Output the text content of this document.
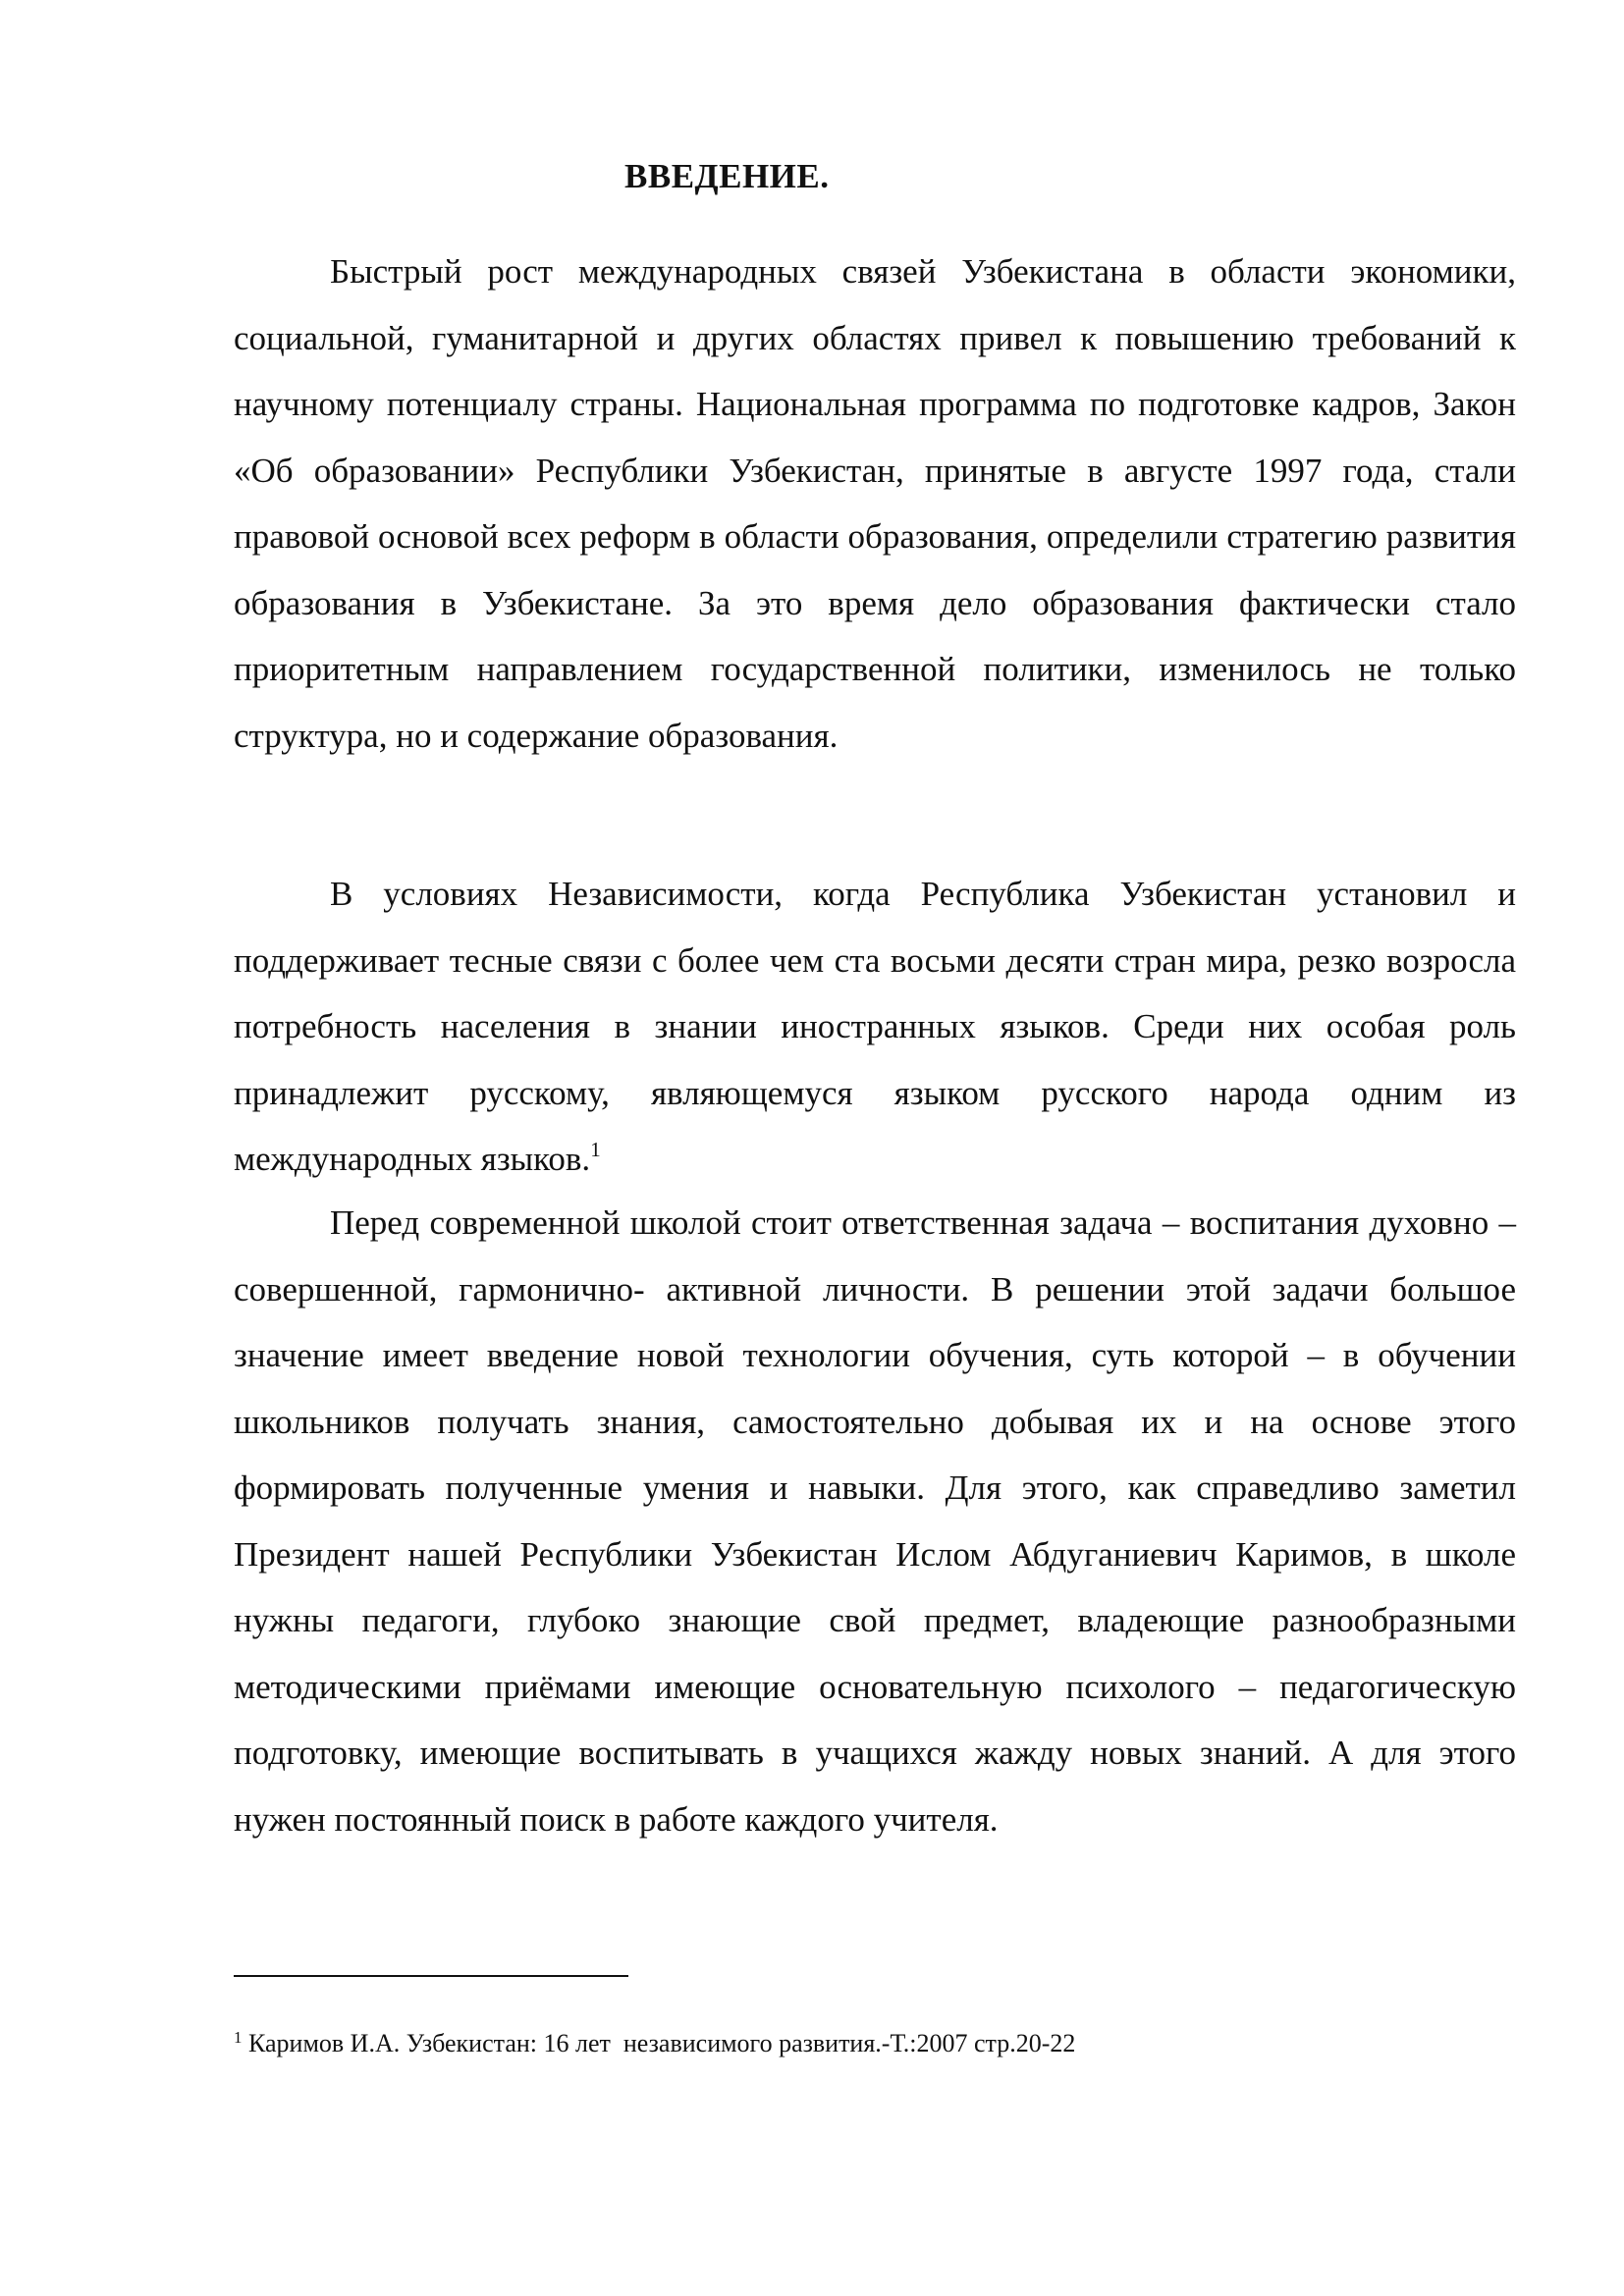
ВВЕДЕНИЕ.

Быстрый рост международных связей Узбекистана в области экономики, социальной, гуманитарной и других областях привел к повышению требований к научному потенциалу страны. Национальная программа по подготовке кадров, Закон «Об образовании» Республики Узбекистан, принятые в августе 1997 года, стали правовой основой всех реформ в области образования, определили стратегию развития образования в Узбекистане. За это время дело образования фактически стало приоритетным направлением государственной политики, изменилось не только структура, но и содержание образования.

В условиях Независимости, когда Республика Узбекистан установил и поддерживает тесные связи с более чем ста восьми десяти стран мира, резко возросла потребность населения в знании иностранных языков. Среди них особая роль принадлежит русскому, являющемуся языком русского народа одним из международных языков.$^1$

Перед современной школой стоит ответственная задача – воспитания духовно – совершенной, гармонично- активной личности. В решении этой задачи большое значение имеет введение новой технологии обучения, суть которой – в обучении школьников получать знания, самостоятельно добывая их и на основе этого формировать полученные умения и навыки. Для этого, как справедливо заметил Президент нашей Республики Узбекистан Ислом Абдуганиевич Каримов, в школе нужны педагоги, глубоко знающие свой предмет, владеющие разнообразными методическими приёмами имеющие основательную психолого – педагогическую подготовку, имеющие воспитывать в учащихся жажду новых знаний. А для этого нужен постоянный поиск в работе каждого учителя.

$^1$ Каримов И.А. Узбекистан: 16 лет  независимого развития.-Т.:2007 стр.20-22
